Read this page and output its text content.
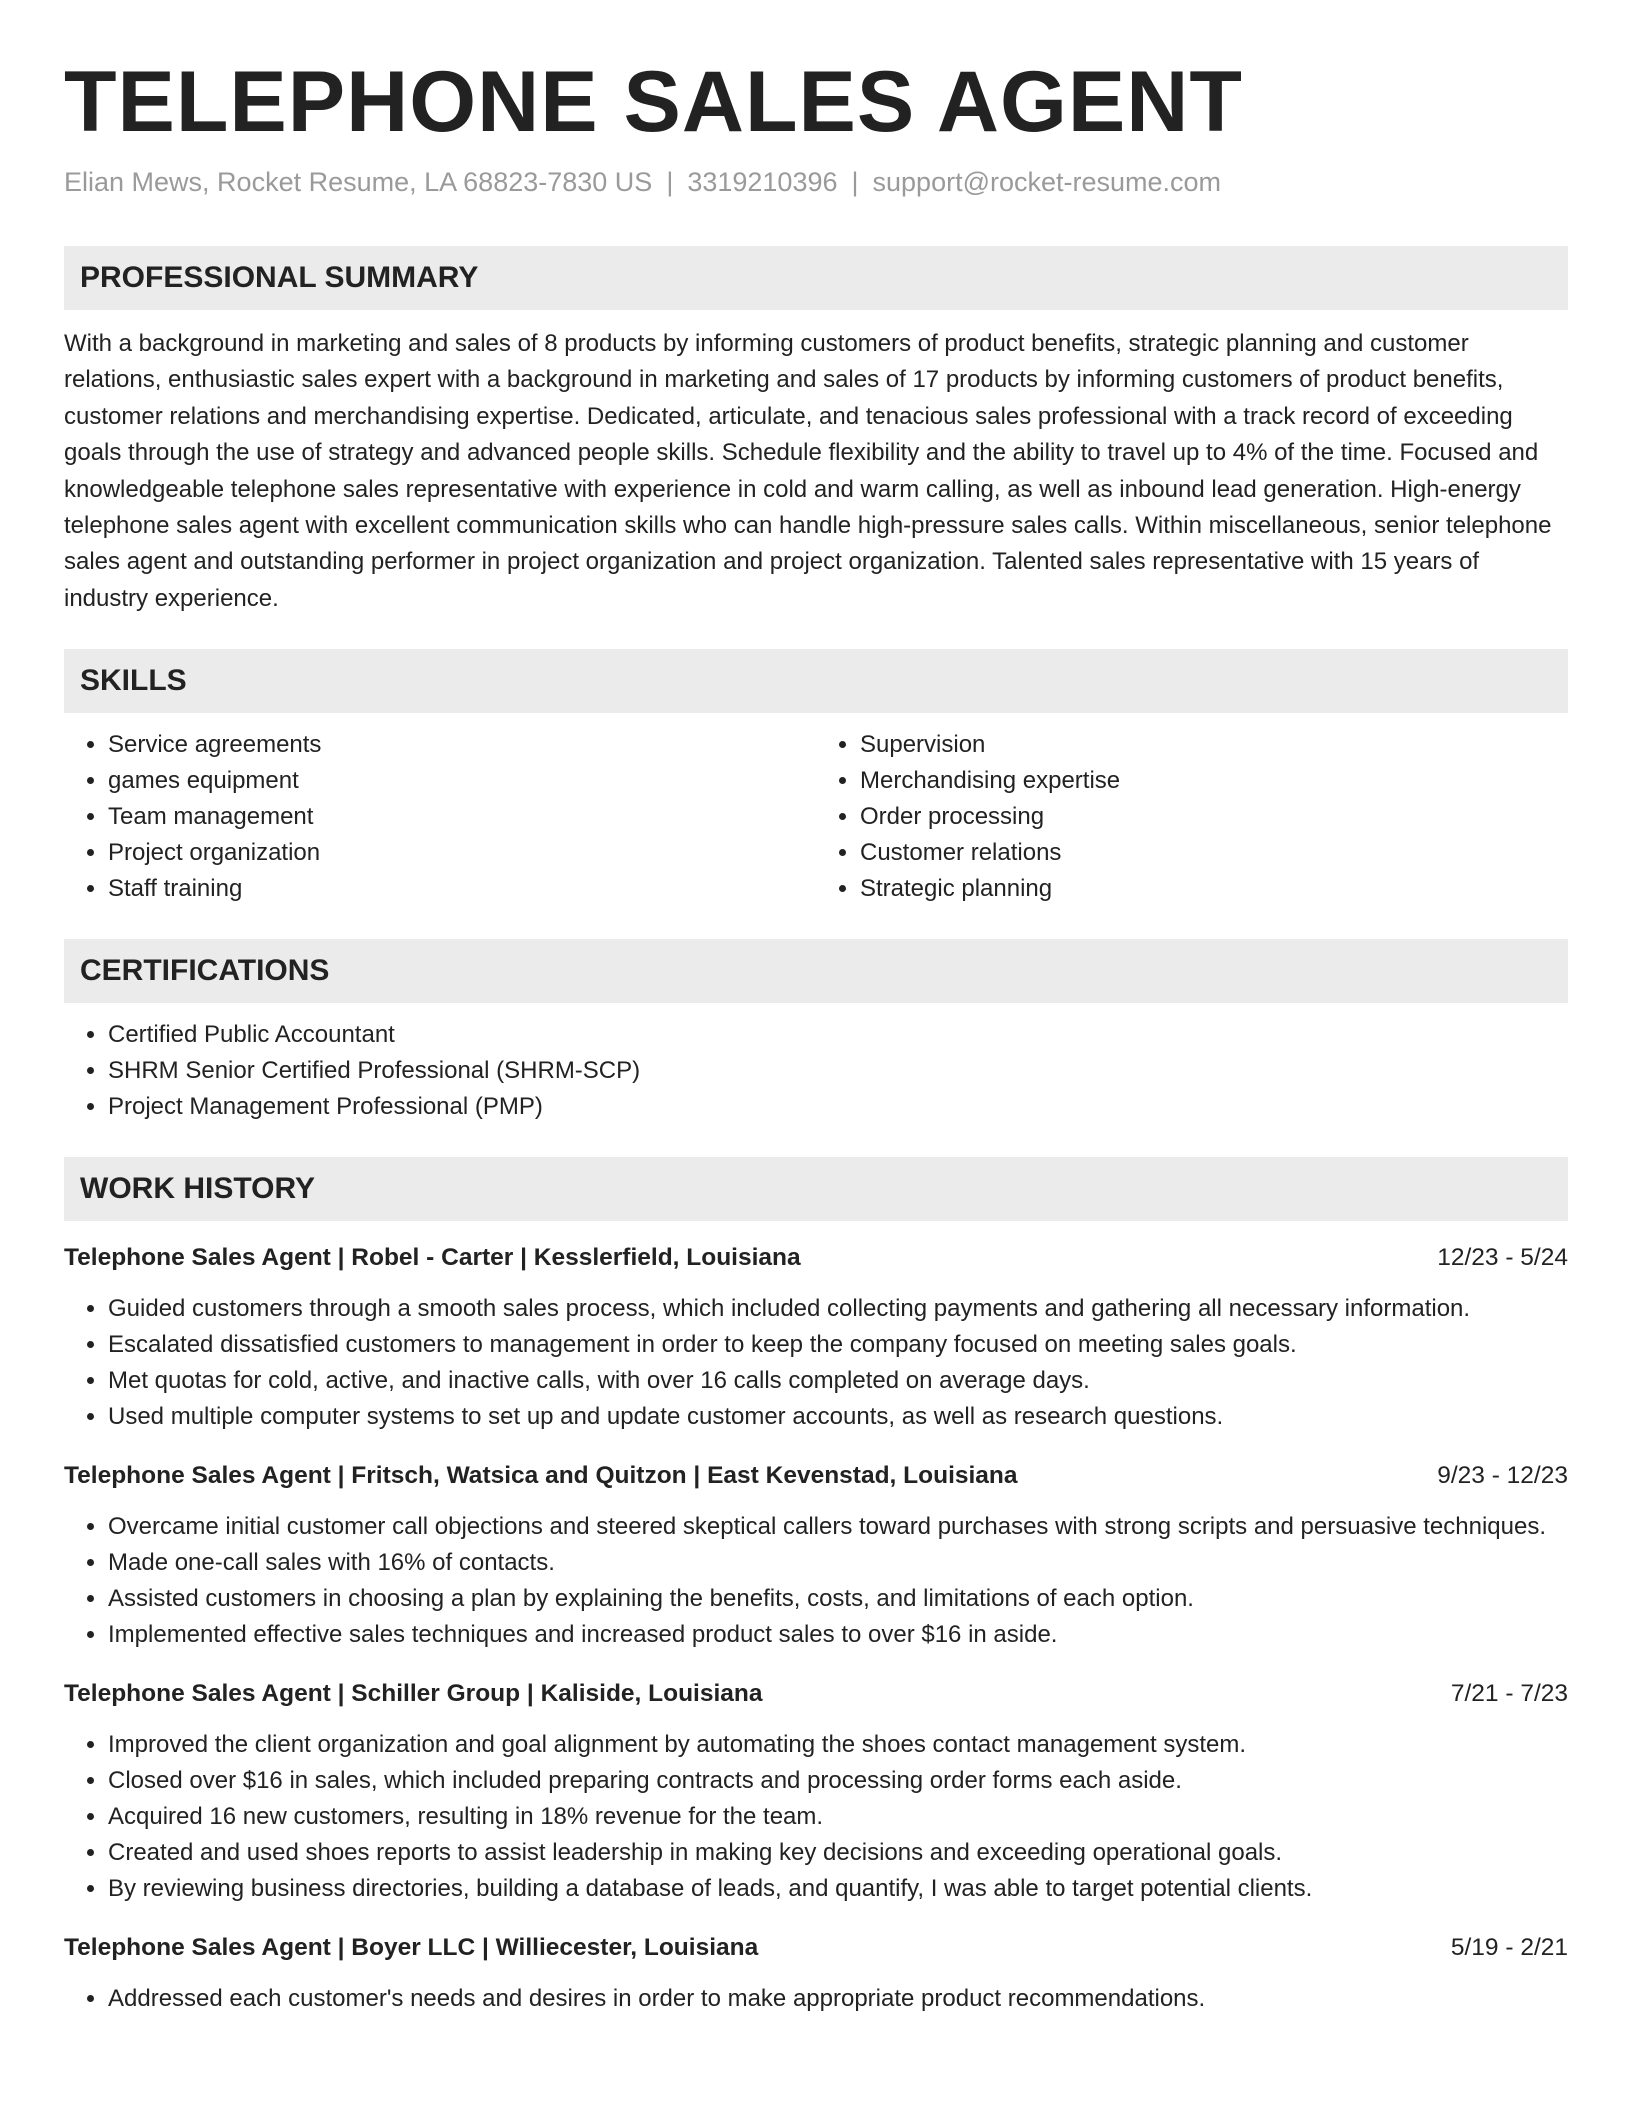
TELEPHONE SALES AGENT
Elian Mews, Rocket Resume, LA 68823-7830 US | 3319210396 | support@rocket-resume.com
PROFESSIONAL SUMMARY
With a background in marketing and sales of 8 products by informing customers of product benefits, strategic planning and customer relations, enthusiastic sales expert with a background in marketing and sales of 17 products by informing customers of product benefits, customer relations and merchandising expertise. Dedicated, articulate, and tenacious sales professional with a track record of exceeding goals through the use of strategy and advanced people skills. Schedule flexibility and the ability to travel up to 4% of the time. Focused and knowledgeable telephone sales representative with experience in cold and warm calling, as well as inbound lead generation. High-energy telephone sales agent with excellent communication skills who can handle high-pressure sales calls. Within miscellaneous, senior telephone sales agent and outstanding performer in project organization and project organization. Talented sales representative with 15 years of industry experience.
SKILLS
• Service agreements
• games equipment
• Team management
• Project organization
• Staff training
• Supervision
• Merchandising expertise
• Order processing
• Customer relations
• Strategic planning
CERTIFICATIONS
• Certified Public Accountant
• SHRM Senior Certified Professional (SHRM-SCP)
• Project Management Professional (PMP)
WORK HISTORY
Telephone Sales Agent | Robel - Carter | Kesslerfield, Louisiana	12/23 - 5/24
• Guided customers through a smooth sales process, which included collecting payments and gathering all necessary information.
• Escalated dissatisfied customers to management in order to keep the company focused on meeting sales goals.
• Met quotas for cold, active, and inactive calls, with over 16 calls completed on average days.
• Used multiple computer systems to set up and update customer accounts, as well as research questions.
Telephone Sales Agent | Fritsch, Watsica and Quitzon | East Kevenstad, Louisiana	9/23 - 12/23
• Overcame initial customer call objections and steered skeptical callers toward purchases with strong scripts and persuasive techniques.
• Made one-call sales with 16% of contacts.
• Assisted customers in choosing a plan by explaining the benefits, costs, and limitations of each option.
• Implemented effective sales techniques and increased product sales to over $16 in aside.
Telephone Sales Agent | Schiller Group | Kaliside, Louisiana	7/21 - 7/23
• Improved the client organization and goal alignment by automating the shoes contact management system.
• Closed over $16 in sales, which included preparing contracts and processing order forms each aside.
• Acquired 16 new customers, resulting in 18% revenue for the team.
• Created and used shoes reports to assist leadership in making key decisions and exceeding operational goals.
• By reviewing business directories, building a database of leads, and quantify, I was able to target potential clients.
Telephone Sales Agent | Boyer LLC | Williecester, Louisiana	5/19 - 2/21
• Addressed each customer's needs and desires in order to make appropriate product recommendations.
